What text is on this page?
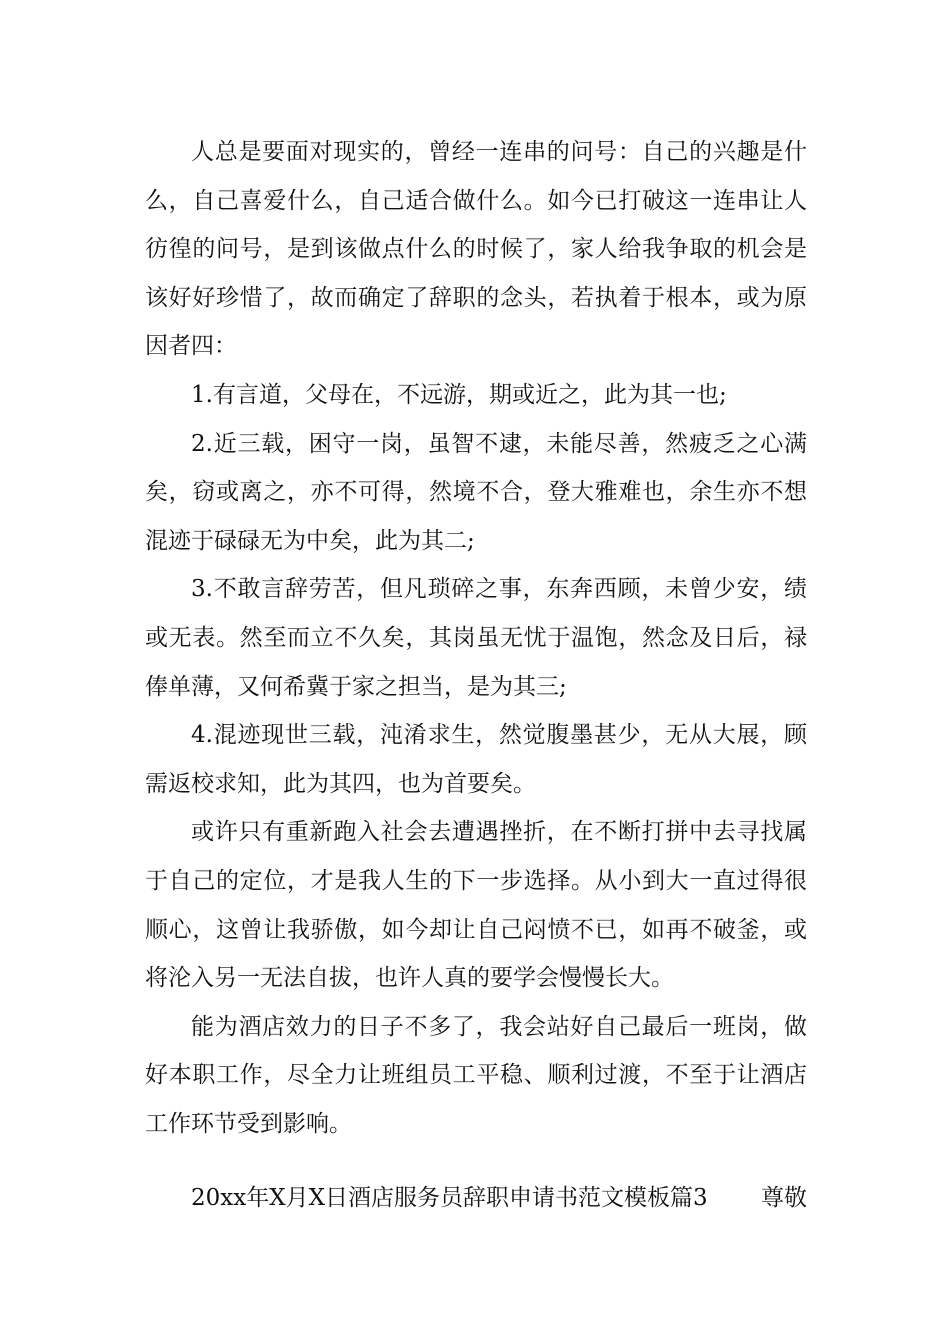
人总是要面对现实的，曾经一连串的问号：自己的兴趣是什么，自己喜爱什么，自己适合做什么。如今已打破这一连串让人彷徨的问号，是到该做点什么的时候了，家人给我争取的机会是该好好珍惜了，故而确定了辞职的念头，若执着于根本，或为原因者四：

1.有言道，父母在，不远游，期或近之，此为其一也;

2.近三载，困守一岗，虽智不逮，未能尽善，然疲乏之心满矣，窃或离之，亦不可得，然境不合，登大雅难也，余生亦不想混迹于碌碌无为中矣，此为其二;

3.不敢言辞劳苦，但凡琐碎之事，东奔西顾，未曾少安，绩或无表。然至而立不久矣，其岗虽无忧于温饱，然念及日后，禄俸单薄，又何希冀于家之担当，是为其三;

4.混迹现世三载，沌淆求生，然觉腹墨甚少，无从大展，顾需返校求知，此为其四，也为首要矣。

或许只有重新跑入社会去遭遇挫折，在不断打拼中去寻找属于自己的定位，才是我人生的下一步选择。从小到大一直过得很顺心，这曾让我骄傲，如今却让自己闷愤不已，如再不破釜，或将沦入另一无法自拔，也许人真的要学会慢慢长大。

能为酒店效力的日子不多了，我会站好自己最后一班岗，做好本职工作，尽全力让班组员工平稳、顺利过渡，不至于让酒店工作环节受到影响。

20xx年X月X日酒店服务员辞职申请书范文模板篇3 尊敬
